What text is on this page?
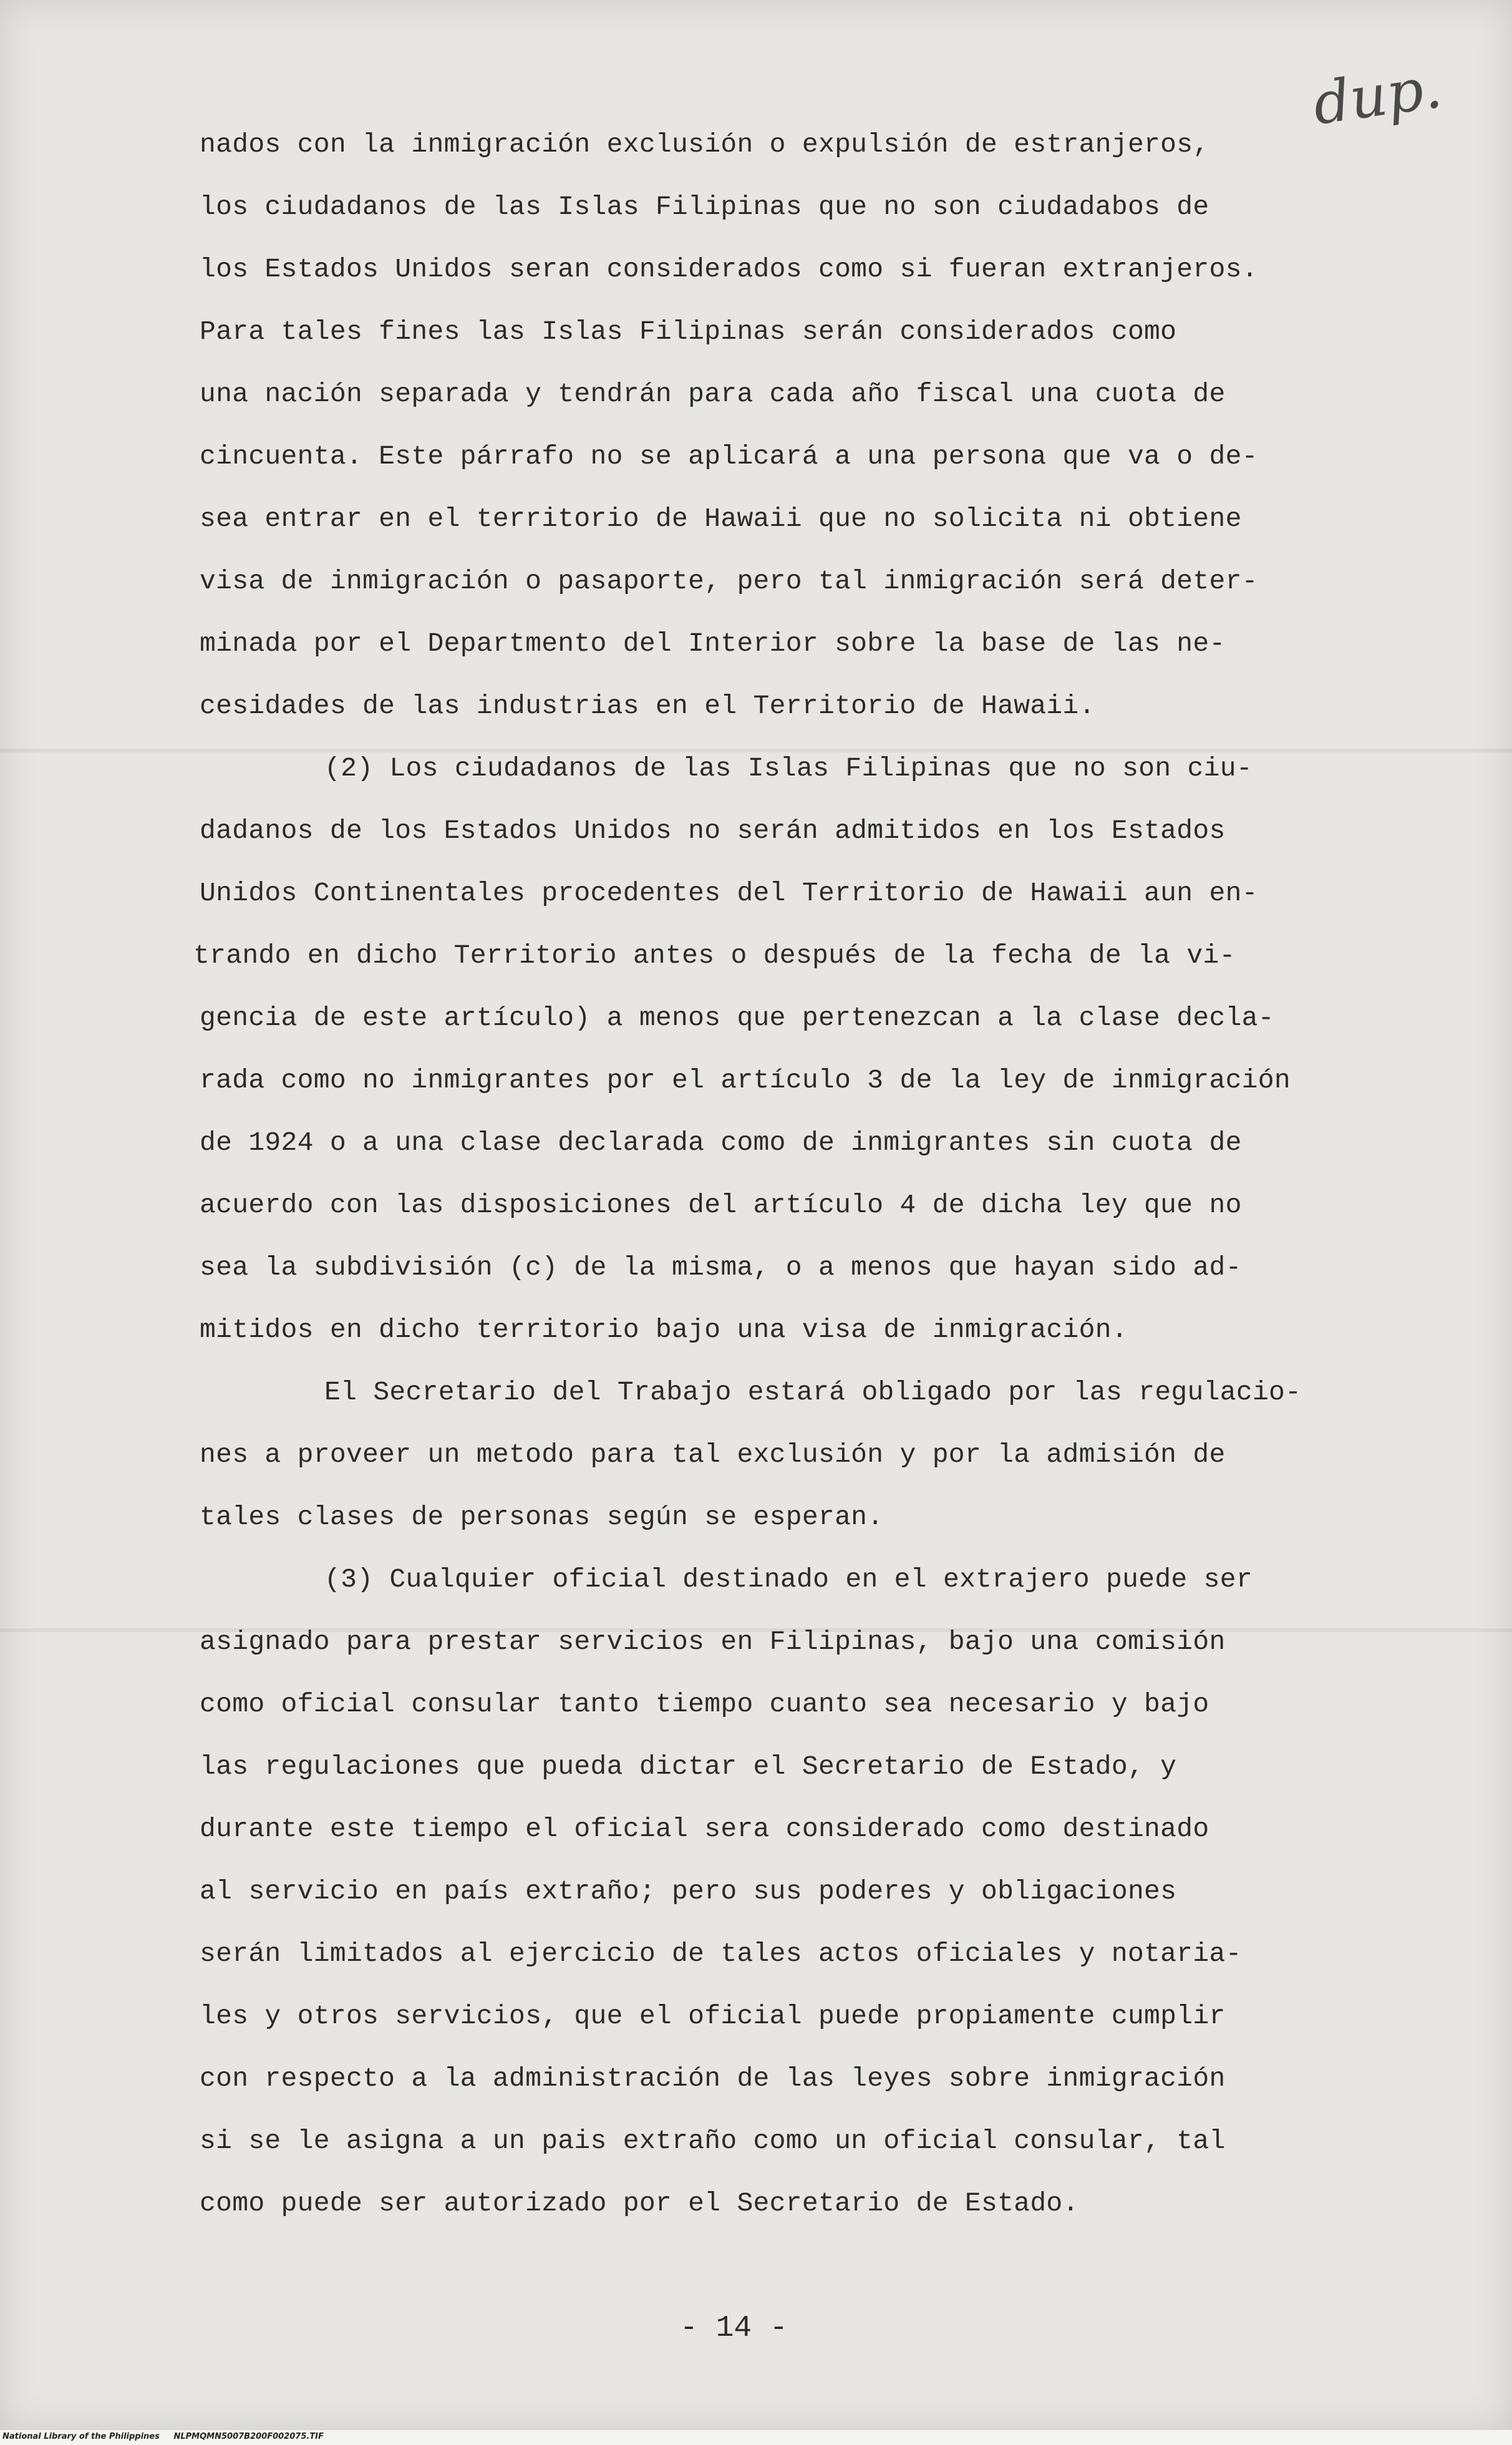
dup.
nados con la inmigración exclusión o expulsión de estranjeros,
los ciudadanos de las Islas Filipinas que no son ciudadabos de
los Estados Unidos seran considerados como si fueran extranjeros.
Para tales fines las Islas Filipinas serán considerados como
una nación separada y tendrán para cada año fiscal una cuota de
cincuenta. Este párrafo no se aplicará a una persona que va o de-
sea entrar en el territorio de Hawaii que no solicita ni obtiene
visa de inmigración o pasaporte, pero tal inmigración será deter-
minada por el Departmento del Interior sobre la base de las ne-
cesidades de las industrias en el Territorio de Hawaii.
(2) Los ciudadanos de las Islas Filipinas que no son ciu-
dadanos de los Estados Unidos no serán admitidos en los Estados
Unidos Continentales procedentes del Territorio de Hawaii aun en-
trando en dicho Territorio antes o después de la fecha de la vi-
gencia de este artículo) a menos que pertenezcan a la clase decla-
rada como no inmigrantes por el artículo 3 de la ley de inmigración
de 1924 o a una clase declarada como de inmigrantes sin cuota de
acuerdo con las disposiciones del artículo 4 de dicha ley que no
sea la subdivisión (c) de la misma, o a menos que hayan sido ad-
mitidos en dicho territorio bajo una visa de inmigración.
El Secretario del Trabajo estará obligado por las regulacio-
nes a proveer un metodo para tal exclusión y por la admisión de
tales clases de personas según se esperan.
(3) Cualquier oficial destinado en el extrajero puede ser
asignado para prestar servicios en Filipinas, bajo una comisión
como oficial consular tanto tiempo cuanto sea necesario y bajo
las regulaciones que pueda dictar el Secretario de Estado, y
durante este tiempo el oficial sera considerado como destinado
al servicio en país extraño; pero sus poderes y obligaciones
serán limitados al ejercicio de tales actos oficiales y notaria-
les y otros servicios, que el oficial puede propiamente cumplir
con respecto a la administración de las leyes sobre inmigración
si se le asigna a un pais extraño como un oficial consular, tal
como puede ser autorizado por el Secretario de Estado.
- 14 -
National Library of the Philippines     NLPMQMN5007B200F002075.TIF
